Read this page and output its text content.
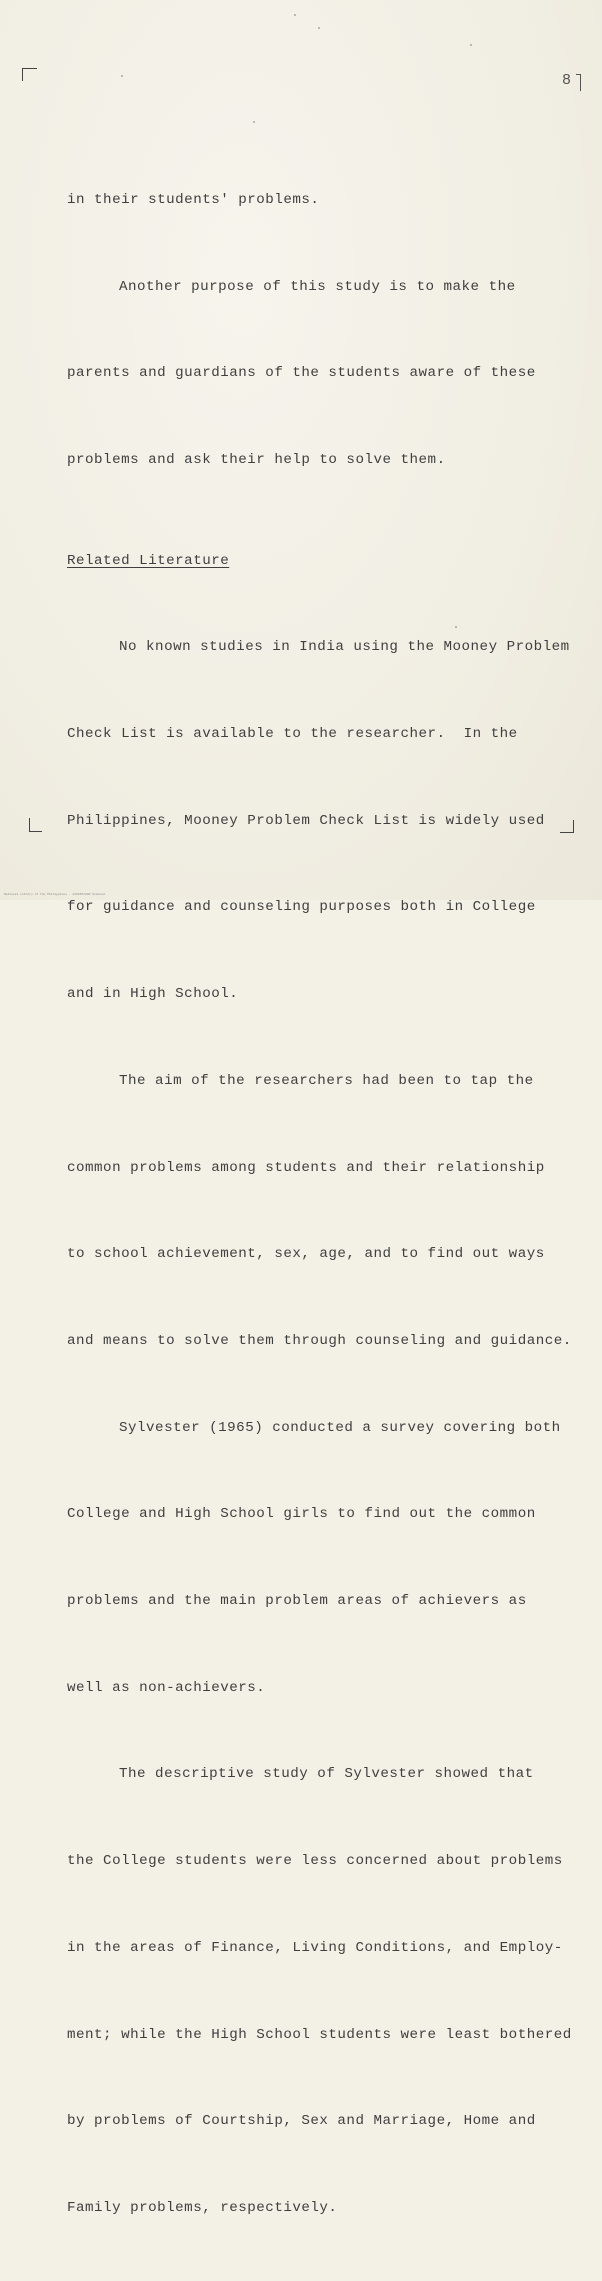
8

in their students' problems.

Another purpose of this study is to make the

parents and guardians of the students aware of these

problems and ask their help to solve them.

Related Literature

No known studies in India using the Mooney Problem

Check List is available to the researcher.  In the

Philippines, Mooney Problem Check List is widely used

for guidance and counseling purposes both in College

and in High School.

The aim of the researchers had been to tap the

common problems among students and their relationship

to school achievement, sex, age, and to find out ways

and means to solve them through counseling and guidance.

Sylvester (1965) conducted a survey covering both

College and High School girls to find out the common

problems and the main problem areas of achievers as

well as non-achievers.

The descriptive study of Sylvester showed that

the College students were less concerned about problems

in the areas of Finance, Living Conditions, and Employ-

ment; while the High School students were least bothered

by problems of Courtship, Sex and Marriage, Home and

Family problems, respectively.

National Library of the Philippines · 1234567890 Scanned
